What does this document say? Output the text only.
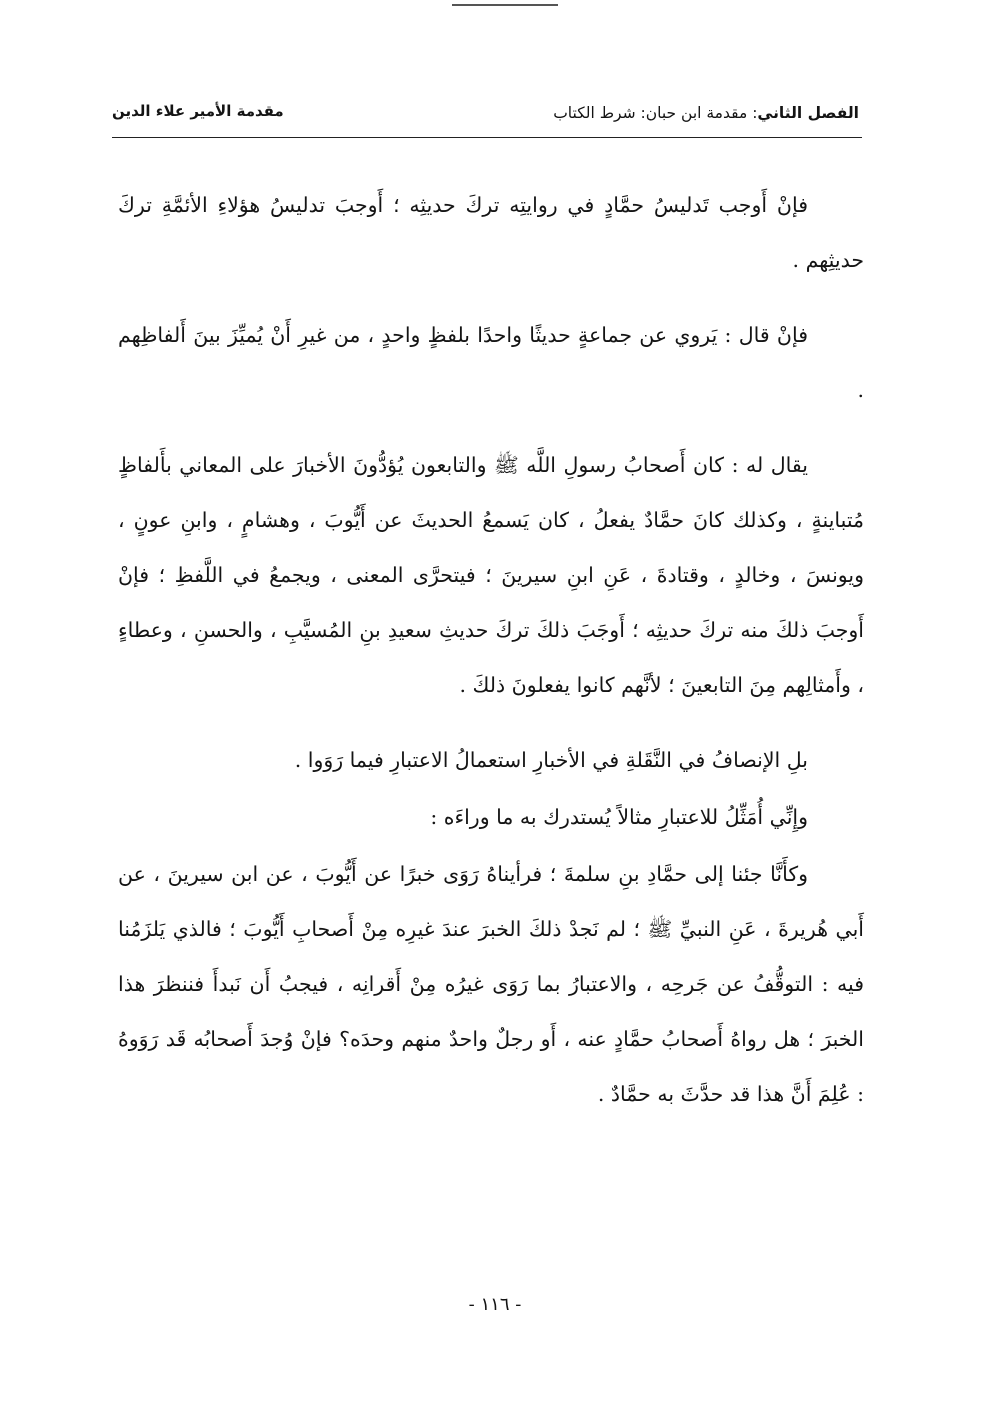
الفصل الثاني: مقدمة ابن حبان: شرط الكتاب
مقدمة الأمير علاء الدين

فإنْ أَوجب تَدليسُ حمَّادٍ في روايتِه تركَ حديثِه ؛ أَوجبَ تدليسُ هؤلاءِ الأئمَّةِ تركَ حديثِهم .

فإنْ قال : يَروي عن جماعةٍ حديثًا واحدًا بلفظٍ واحدٍ ، من غيرِ أَنْ يُميِّزَ بينَ أَلفاظِهم .

يقال له : كان أَصحابُ رسولِ اللَّه ﷺ والتابعون يُؤدُّونَ الأخبارَ على المعاني بأَلفاظٍ مُتباينةٍ ، وكذلك كانَ حمَّادٌ يفعلُ ، كان يَسمعُ الحديثَ عن أَيُّوبَ ، وهشامٍ ، وابنِ عونٍ ، ويونسَ ، وخالدٍ ، وقتادةَ ، عَنِ ابنِ سيرينَ ؛ فيتحرَّى المعنى ، ويجمعُ في اللَّفظِ ؛ فإنْ أَوجبَ ذلكَ منه تركَ حديثِه ؛ أَوجَبَ ذلكَ تركَ حديثِ سعيدِ بنِ المُسيَّبِ ، والحسنِ ، وعطاءٍ ، وأَمثالِهم مِنَ التابعينَ ؛ لأنَّهم كانوا يفعلونَ ذلكَ .

بلِ الإنصافُ في النَّقَلةِ في الأخبارِ استعمالُ الاعتبارِ فيما رَوَوا .

وإِنِّي أُمَثِّلُ للاعتبارِ مثالاً يُستدرك به ما وراءَه :

وكأَنَّا جئنا إلى حمَّادِ بنِ سلمةَ ؛ فرأيناهُ رَوَى خبرًا عن أَيُّوبَ ، عن ابن سيرينَ ، عن أَبي هُريرةَ ، عَنِ النبيِّ ﷺ ؛ لم نَجدْ ذلكَ الخبرَ عندَ غيرِه مِنْ أَصحابِ أَيُّوبَ ؛ فالذي يَلزَمُنا فيه : التوقُّفُ عن جَرحِه ، والاعتبارُ بما رَوَى غيرُه مِنْ أَقرانِه ، فيجبُ أَن نَبدأَ فننظرَ هذا الخبرَ ؛ هل رواهُ أَصحابُ حمَّادٍ عنه ، أَو رجلٌ واحدٌ منهم وحدَه؟ فإنْ وُجدَ أَصحابُه قَد رَوَوهُ : عُلِمَ أَنَّ هذا قد حدَّثَ به حمَّادٌ .

- ١١٦ -
